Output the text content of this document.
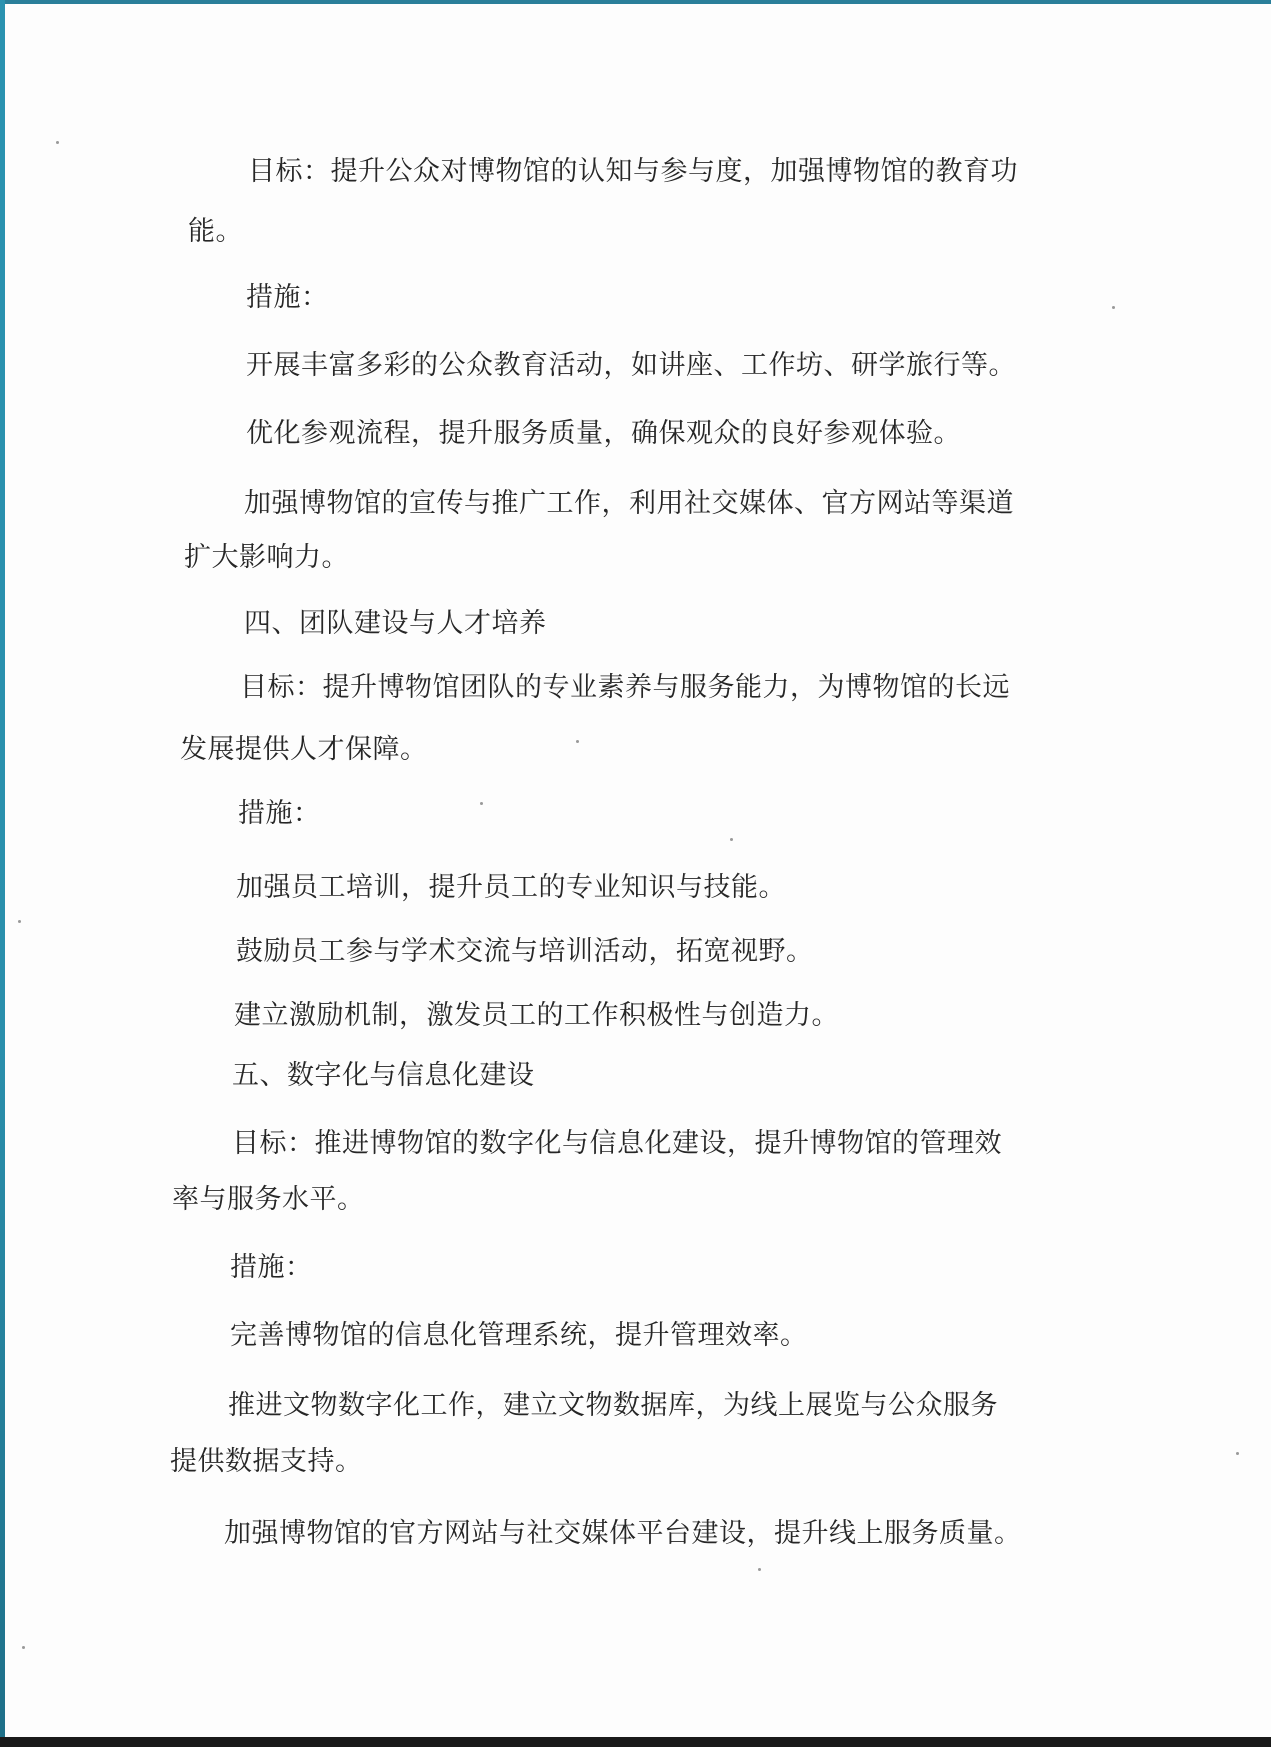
目标：提升公众对博物馆的认知与参与度，加强博物馆的教育功

能。

措施：

开展丰富多彩的公众教育活动，如讲座、工作坊、研学旅行等。

优化参观流程，提升服务质量，确保观众的良好参观体验。

加强博物馆的宣传与推广工作，利用社交媒体、官方网站等渠道

扩大影响力。

四、团队建设与人才培养

目标：提升博物馆团队的专业素养与服务能力，为博物馆的长远

发展提供人才保障。

措施：

加强员工培训，提升员工的专业知识与技能。

鼓励员工参与学术交流与培训活动，拓宽视野。

建立激励机制，激发员工的工作积极性与创造力。

五、数字化与信息化建设

目标：推进博物馆的数字化与信息化建设，提升博物馆的管理效

率与服务水平。

措施：

完善博物馆的信息化管理系统，提升管理效率。

推进文物数字化工作，建立文物数据库，为线上展览与公众服务

提供数据支持。

加强博物馆的官方网站与社交媒体平台建设，提升线上服务质量。
